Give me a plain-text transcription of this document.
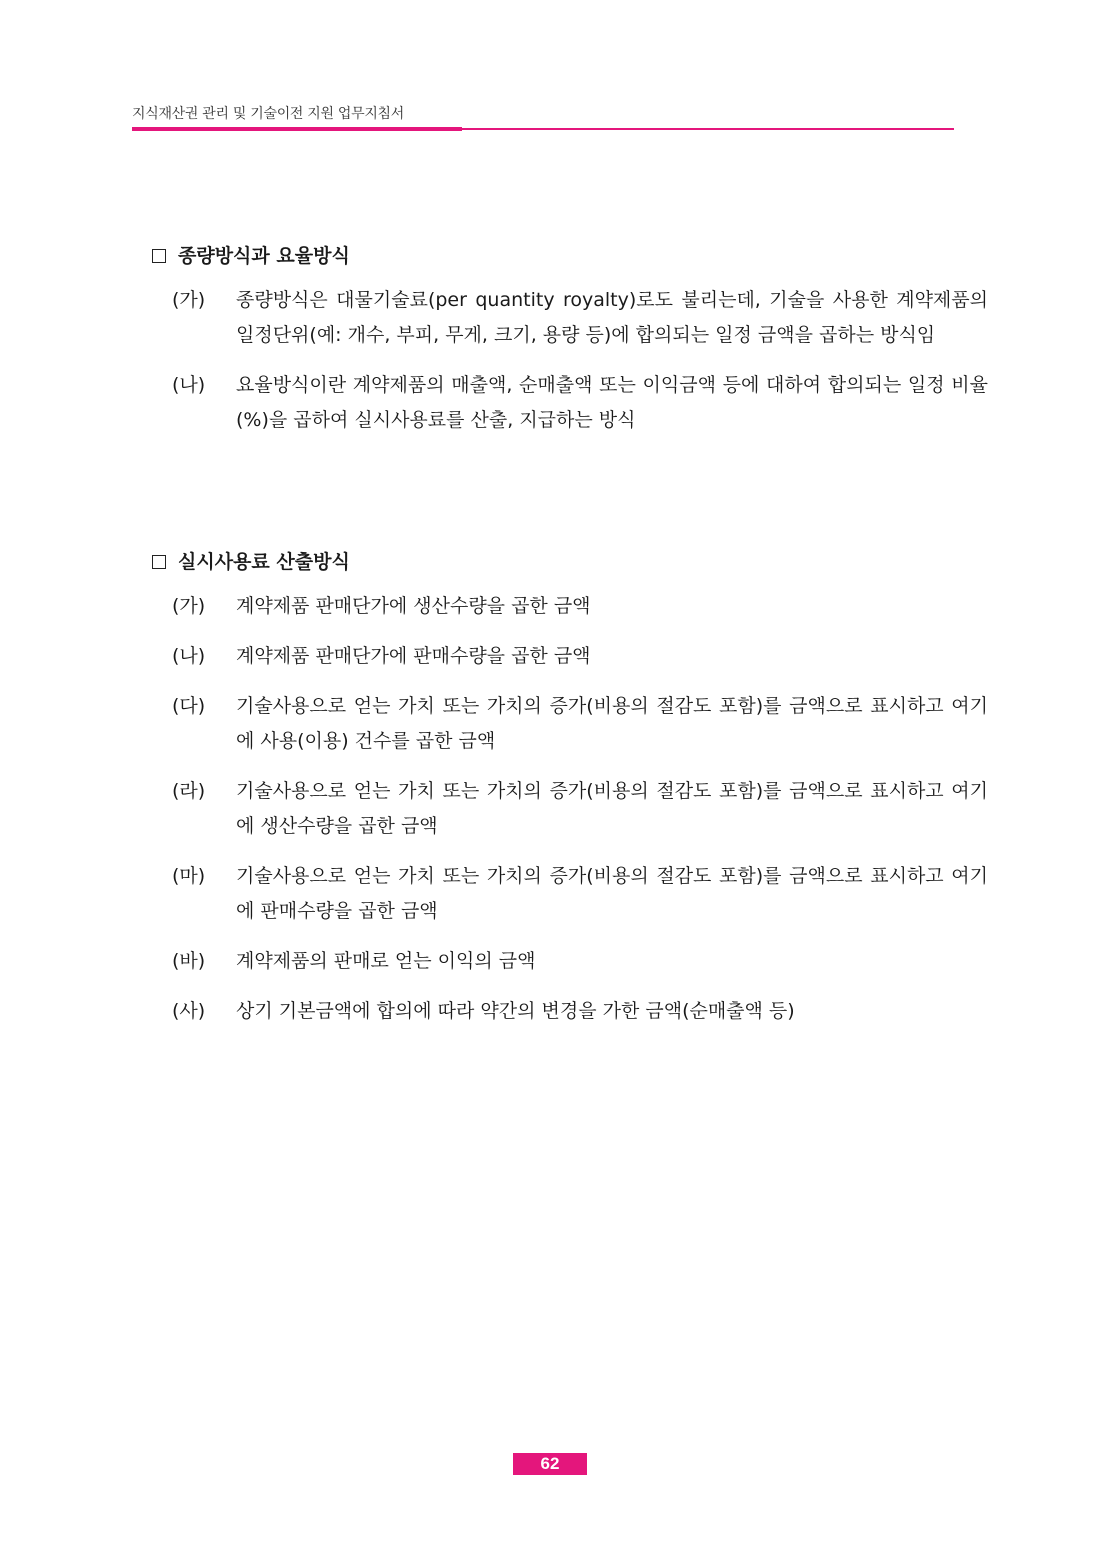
지식재산권 관리 및 기술이전 지원 업무지침서
종량방식과 요율방식
(가) 종량방식은 대물기술료(per quantity royalty)로도 불리는데, 기술을 사용한 계약제품의 일정단위(예: 개수, 부피, 무게, 크기, 용량 등)에 합의되는 일정 금액을 곱하는 방식임
(나) 요율방식이란 계약제품의 매출액, 순매출액 또는 이익금액 등에 대하여 합의되는 일정 비율(%)을 곱하여 실시사용료를 산출, 지급하는 방식
실시사용료 산출방식
(가) 계약제품 판매단가에 생산수량을 곱한 금액
(나) 계약제품 판매단가에 판매수량을 곱한 금액
(다) 기술사용으로 얻는 가치 또는 가치의 증가(비용의 절감도 포함)를 금액으로 표시하고 여기에 사용(이용) 건수를 곱한 금액
(라) 기술사용으로 얻는 가치 또는 가치의 증가(비용의 절감도 포함)를 금액으로 표시하고 여기에 생산수량을 곱한 금액
(마) 기술사용으로 얻는 가치 또는 가치의 증가(비용의 절감도 포함)를 금액으로 표시하고 여기에 판매수량을 곱한 금액
(바) 계약제품의 판매로 얻는 이익의 금액
(사) 상기 기본금액에 합의에 따라 약간의 변경을 가한 금액(순매출액 등)
62
